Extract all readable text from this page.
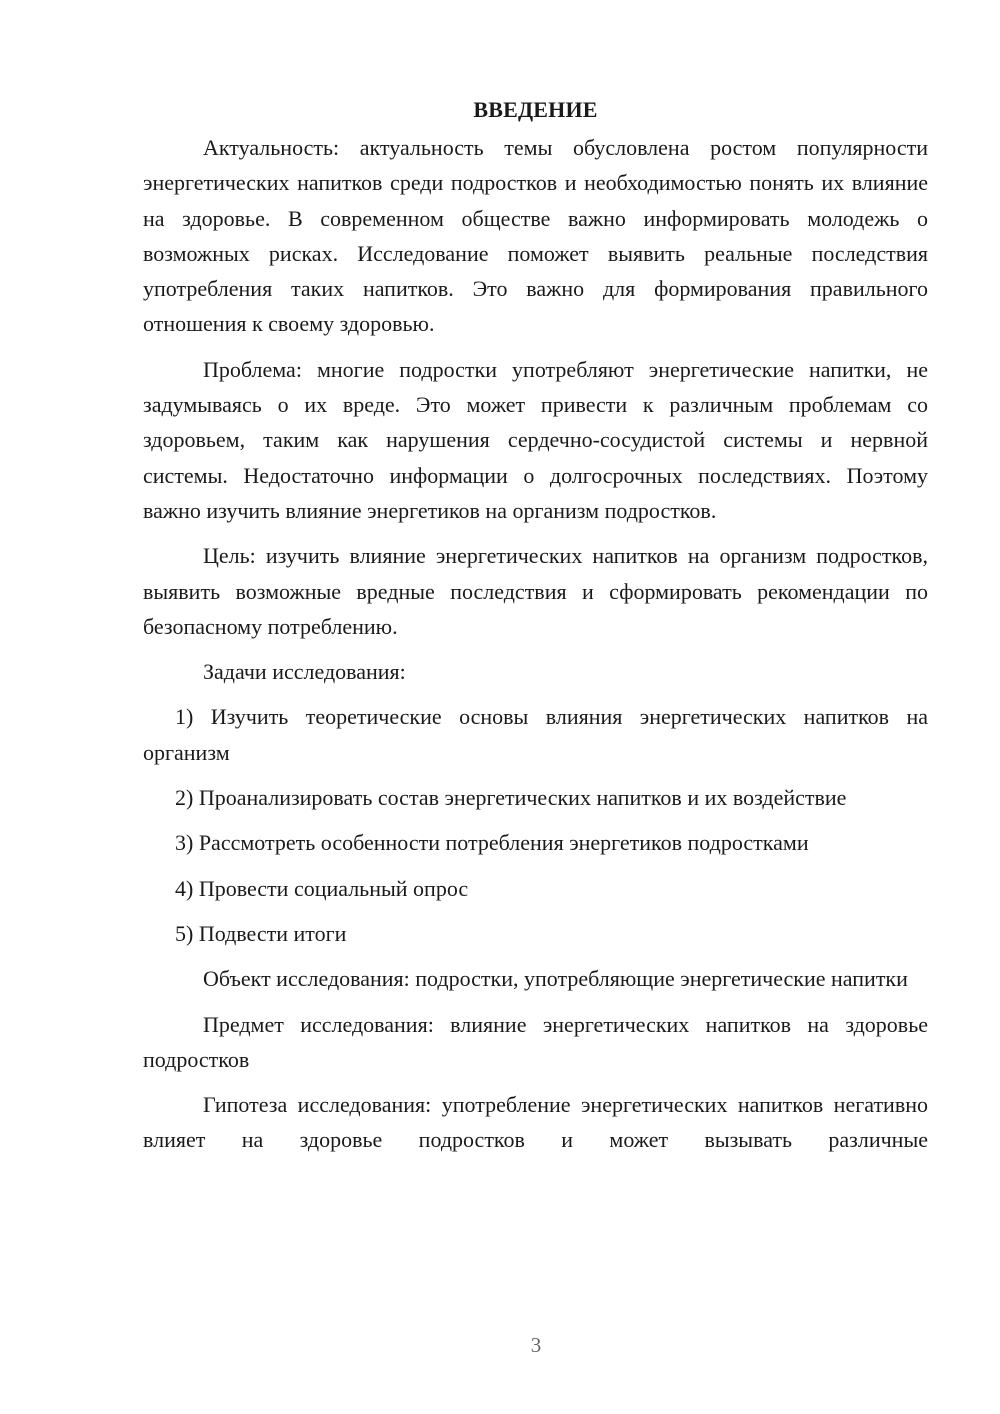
ВВЕДЕНИЕ

Актуальность: актуальность темы обусловлена ростом популярности энергетических напитков среди подростков и необходимостью понять их влияние на здоровье. В современном обществе важно информировать молодежь о возможных рисках. Исследование поможет выявить реальные последствия употребления таких напитков. Это важно для формирования правильного отношения к своему здоровью.

Проблема: многие подростки употребляют энергетические напитки, не задумываясь о их вреде. Это может привести к различным проблемам со здоровьем, таким как нарушения сердечно-сосудистой системы и нервной системы. Недостаточно информации о долгосрочных последствиях. Поэтому важно изучить влияние энергетиков на организм подростков.

Цель: изучить влияние энергетических напитков на организм подростков, выявить возможные вредные последствия и сформировать рекомендации по безопасному потреблению.

Задачи исследования:

1) Изучить теоретические основы влияния энергетических напитков на организм

2) Проанализировать состав энергетических напитков и их воздействие

3) Рассмотреть особенности потребления энергетиков подростками

4) Провести социальный опрос

5) Подвести итоги

Объект исследования: подростки, употребляющие энергетические напитки

Предмет исследования: влияние энергетических напитков на здоровье подростков

Гипотеза исследования: употребление энергетических напитков негативно влияет на здоровье подростков и может вызывать различные

3
